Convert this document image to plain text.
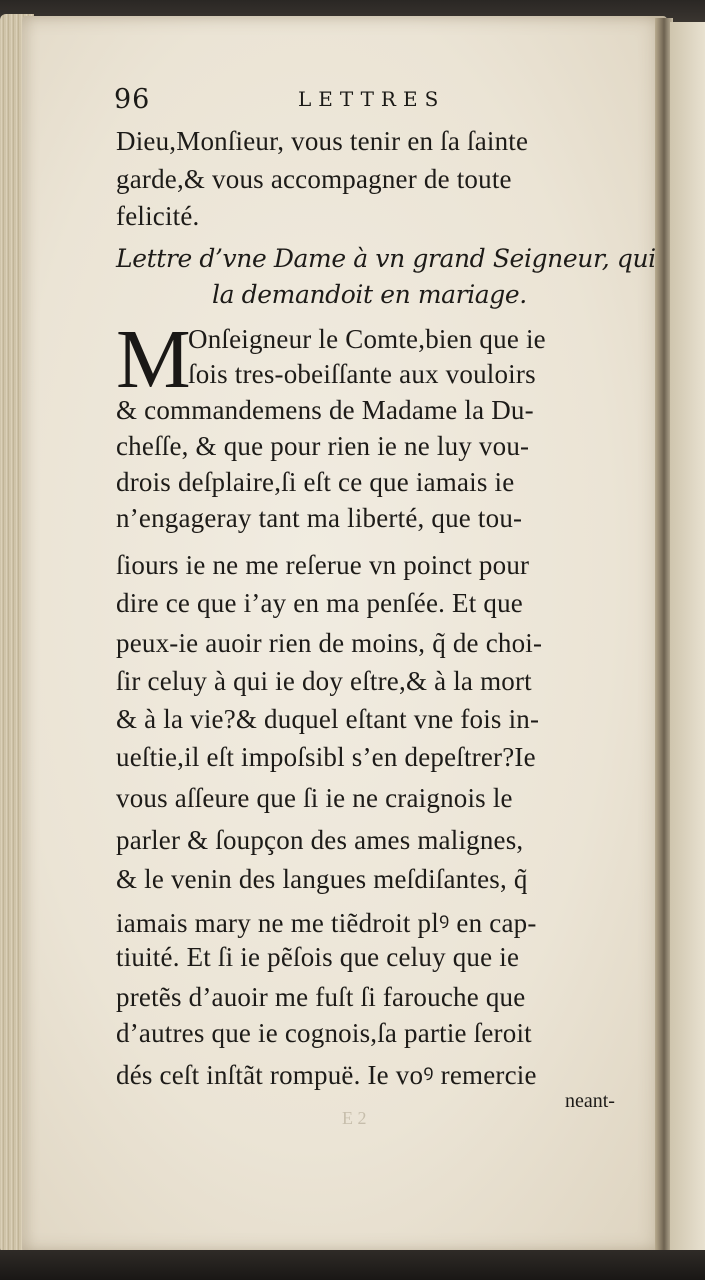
96	LETTRES
Dieu,Monſieur, vous tenir en ſa ſainte
garde,& vous accompagner de toute
felicité.
Lettre d’vne Dame à vn grand Seigneur, qui
la demandoit en mariage.
M
Onſeigneur le Comte,bien que ie
ſois tres-obeiſſante aux vouloirs
& commandemens de Madame la Du-
cheſſe, & que pour rien ie ne luy vou-
drois deſplaire,ſi eſt ce que iamais ie
n’engageray tant ma liberté, que tou-
ſiours ie ne me reſerue vn poinct pour
dire ce que i’ay en ma penſée. Et que
peux-ie auoir rien de moins, q̃ de choi-
ſir celuy à qui ie doy eſtre,& à la mort
& à la vie?& duquel eſtant vne fois in-
ueſtie,il eſt impoſsibl s’en depeſtrer?Ie
vous aſſeure que ſi ie ne craignois le
parler & ſoupçon des ames malignes,
& le venin des langues meſdiſantes, q̃
iamais mary ne me tiẽdroit plꝰ en cap-
tiuité. Et ſi ie pẽſois que celuy que ie
pretẽs d’auoir me fuſt ſi farouche que
d’autres que ie cognois,ſa partie ſeroit
dés ceſt inſtãt rompuë. Ie voꝰ remercie
neant-
E 2
